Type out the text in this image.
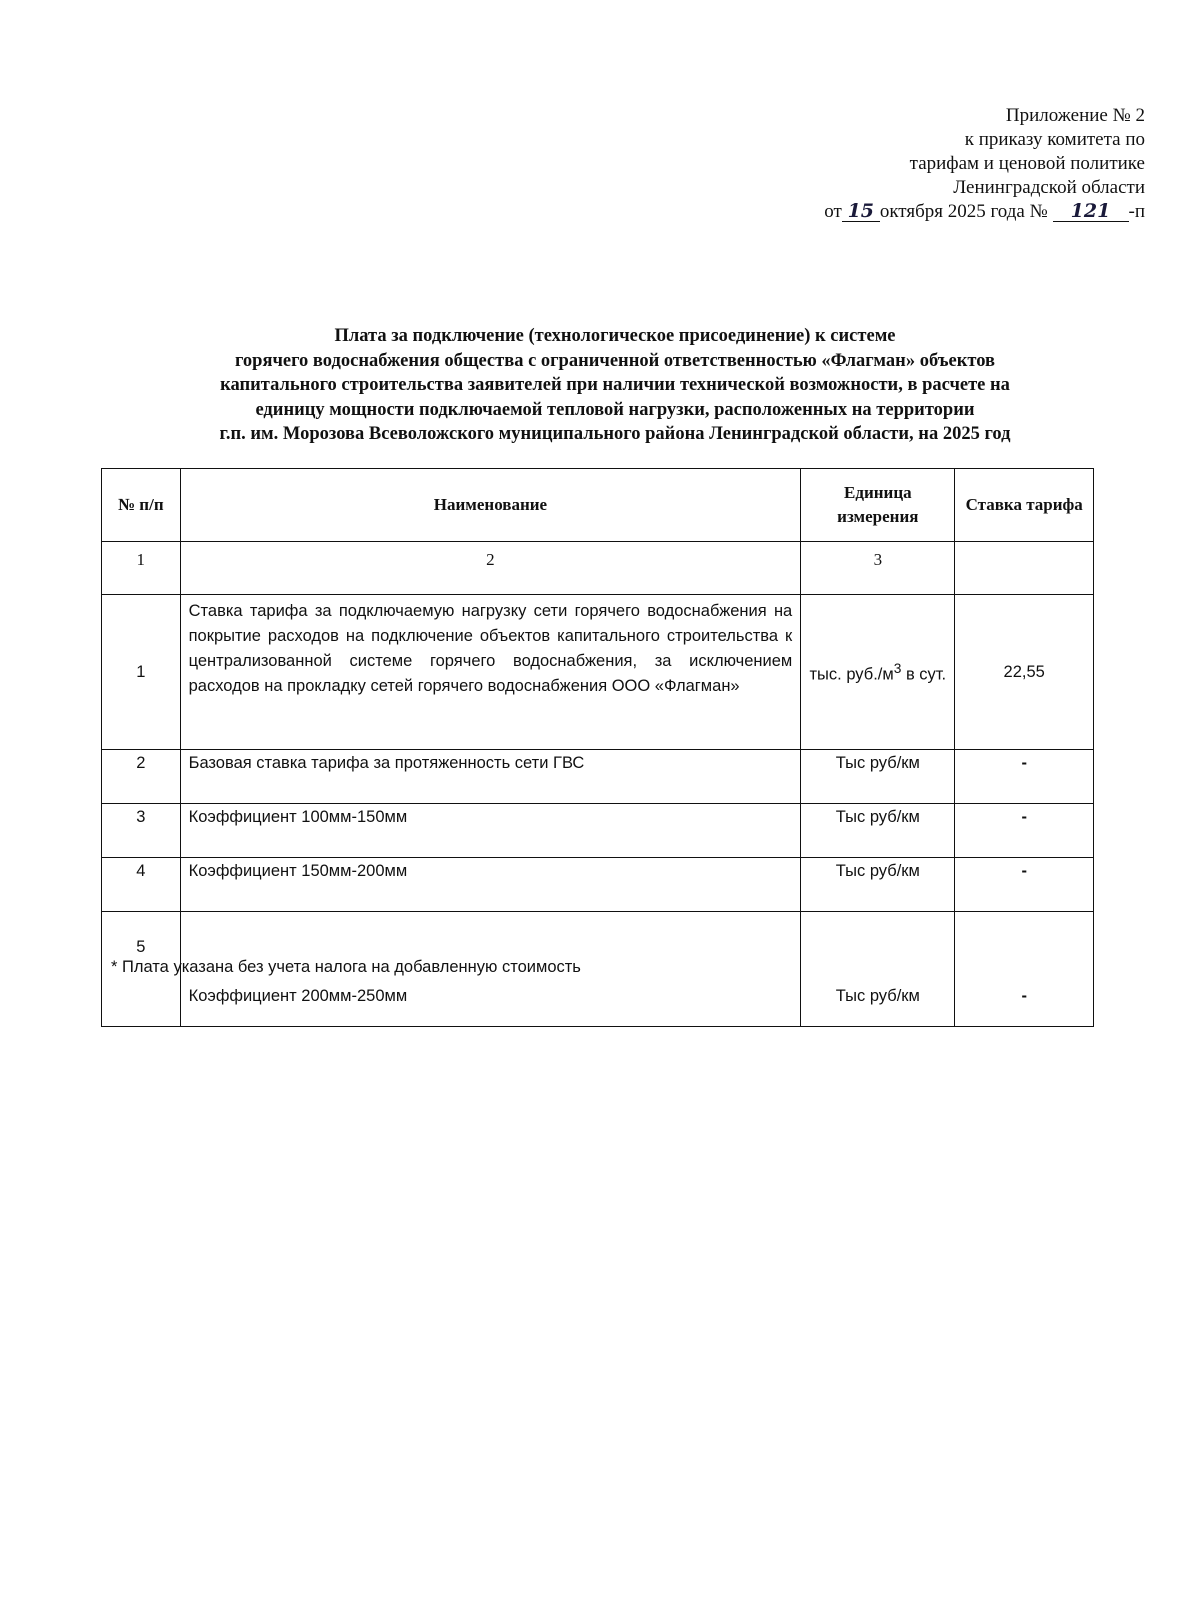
Приложение № 2
к приказу комитета по
тарифам и ценовой политике
Ленинградской области
от 15 октября 2025 года № 121 -п
Плата за подключение (технологическое присоединение) к системе
горячего водоснабжения общества с ограниченной ответственностью «Флагман» объектов
капитального строительства заявителей при наличии технической возможности, в расчете на
единицу мощности подключаемой тепловой нагрузки, расположенных на территории
г.п. им. Морозова Всеволожского муниципального района Ленинградской области, на 2025 год
№ п/п	Наименование	Единица измерения	Ставка тарифа
1	2	3	
1	Ставка тарифа за подключаемую нагрузку сети горячего водоснабжения на покрытие расходов на подключение объектов капитального строительства к централизованной системе горячего водоснабжения, за исключением расходов на прокладку сетей горячего водоснабжения ООО «Флагман»	тыс. $руб./м^3$ в сут.	22,55
2	Базовая ставка тарифа за протяженность сети ГВС	Тыс руб/км	-
3	Коэффициент 100мм-150мм	Тыс руб/км	-
4	Коэффициент 150мм-200мм	Тыс руб/км	-
5	Коэффициент 200мм-250мм	Тыс руб/км	-
* Плата указана без учета налога на добавленную стоимость
